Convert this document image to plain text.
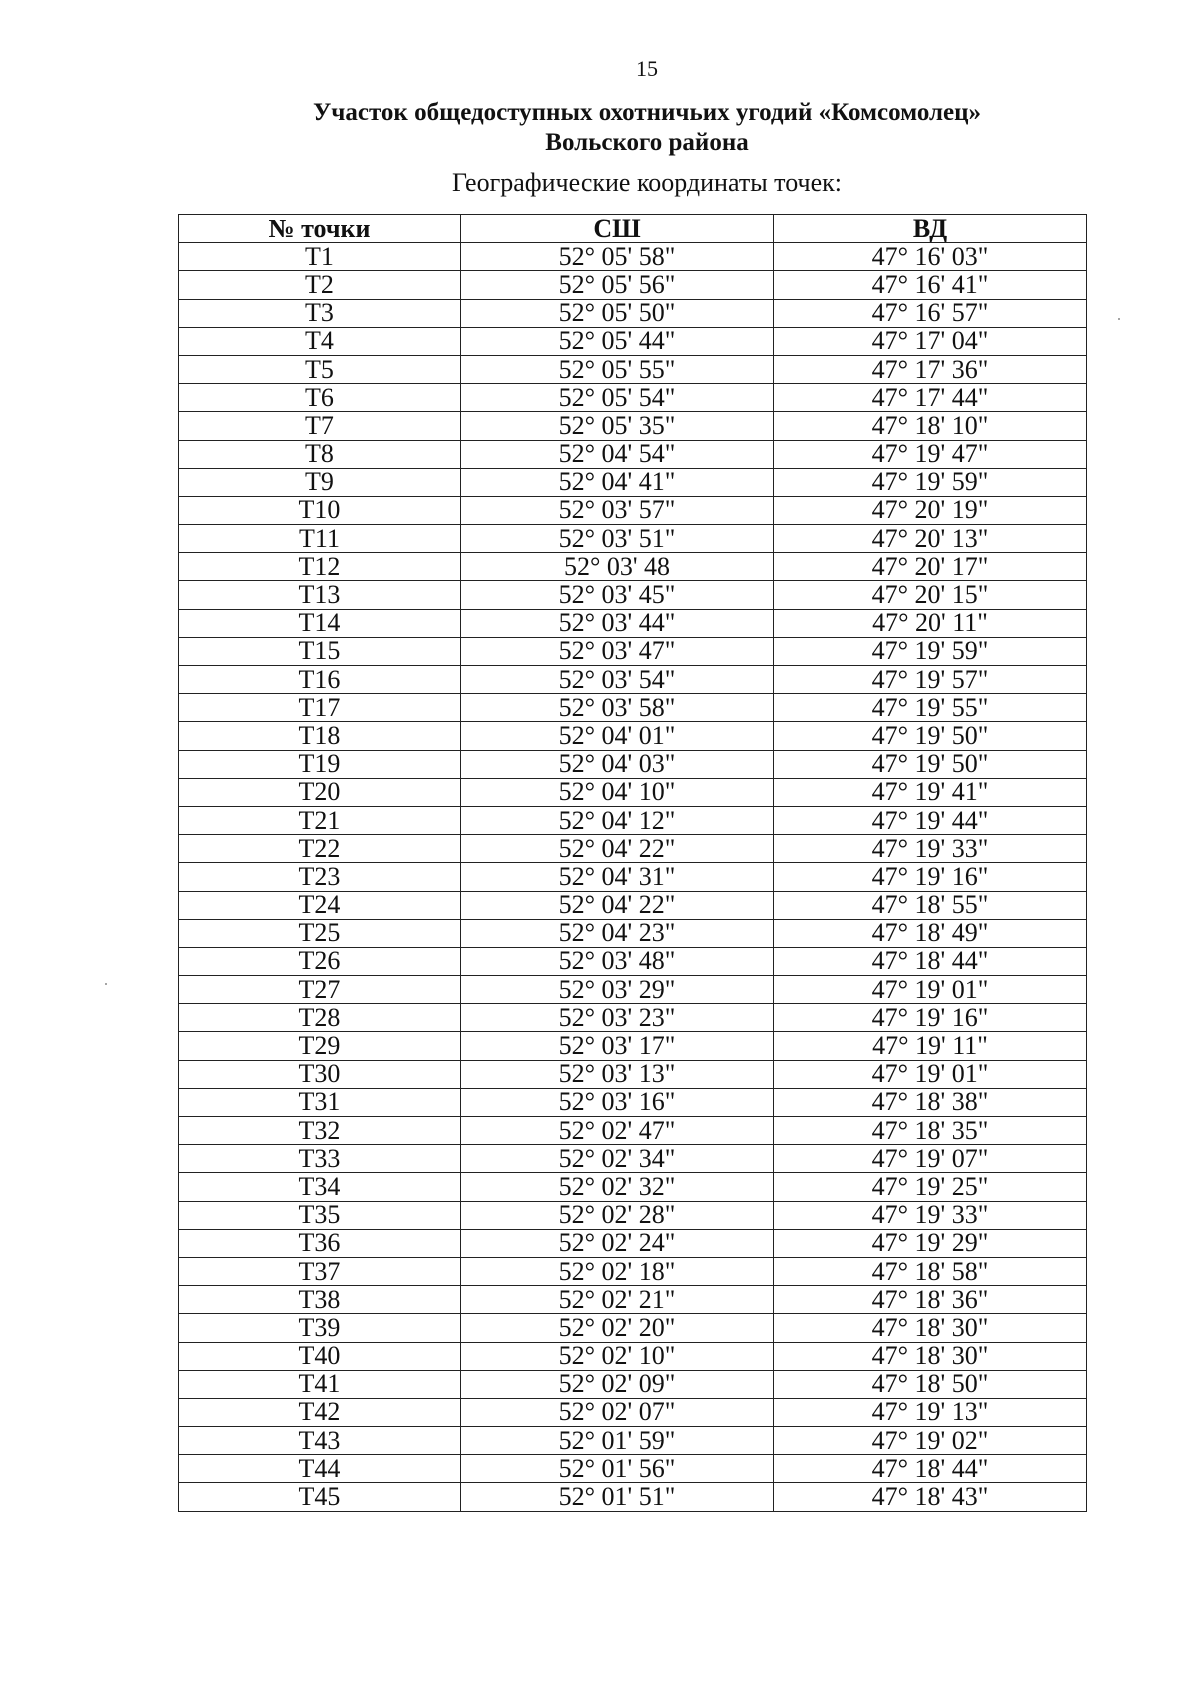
15
Участок общедоступных охотничьих угодий «Комсомолец»
Вольского района
Географические координаты точек:
№ точки	СШ	ВД
Т1	52° 05' 58"	47° 16' 03"
Т2	52° 05' 56"	47° 16' 41"
Т3	52° 05' 50"	47° 16' 57"
Т4	52° 05' 44"	47° 17' 04"
Т5	52° 05' 55"	47° 17' 36"
Т6	52° 05' 54"	47° 17' 44"
Т7	52° 05' 35"	47° 18' 10"
Т8	52° 04' 54"	47° 19' 47"
Т9	52° 04' 41"	47° 19' 59"
Т10	52° 03' 57"	47° 20' 19"
Т11	52° 03' 51"	47° 20' 13"
Т12	52° 03' 48	47° 20' 17"
Т13	52° 03' 45"	47° 20' 15"
Т14	52° 03' 44"	47° 20' 11"
Т15	52° 03' 47"	47° 19' 59"
Т16	52° 03' 54"	47° 19' 57"
Т17	52° 03' 58"	47° 19' 55"
Т18	52° 04' 01"	47° 19' 50"
Т19	52° 04' 03"	47° 19' 50"
Т20	52° 04' 10"	47° 19' 41"
Т21	52° 04' 12"	47° 19' 44"
Т22	52° 04' 22"	47° 19' 33"
Т23	52° 04' 31"	47° 19' 16"
Т24	52° 04' 22"	47° 18' 55"
Т25	52° 04' 23"	47° 18' 49"
Т26	52° 03' 48"	47° 18' 44"
Т27	52° 03' 29"	47° 19' 01"
Т28	52° 03' 23"	47° 19' 16"
Т29	52° 03' 17"	47° 19' 11"
Т30	52° 03' 13"	47° 19' 01"
Т31	52° 03' 16"	47° 18' 38"
Т32	52° 02' 47"	47° 18' 35"
Т33	52° 02' 34"	47° 19' 07"
Т34	52° 02' 32"	47° 19' 25"
Т35	52° 02' 28"	47° 19' 33"
Т36	52° 02' 24"	47° 19' 29"
Т37	52° 02' 18"	47° 18' 58"
Т38	52° 02' 21"	47° 18' 36"
Т39	52° 02' 20"	47° 18' 30"
Т40	52° 02' 10"	47° 18' 30"
Т41	52° 02' 09"	47° 18' 50"
Т42	52° 02' 07"	47° 19' 13"
Т43	52° 01' 59"	47° 19' 02"
Т44	52° 01' 56"	47° 18' 44"
Т45	52° 01' 51"	47° 18' 43"
